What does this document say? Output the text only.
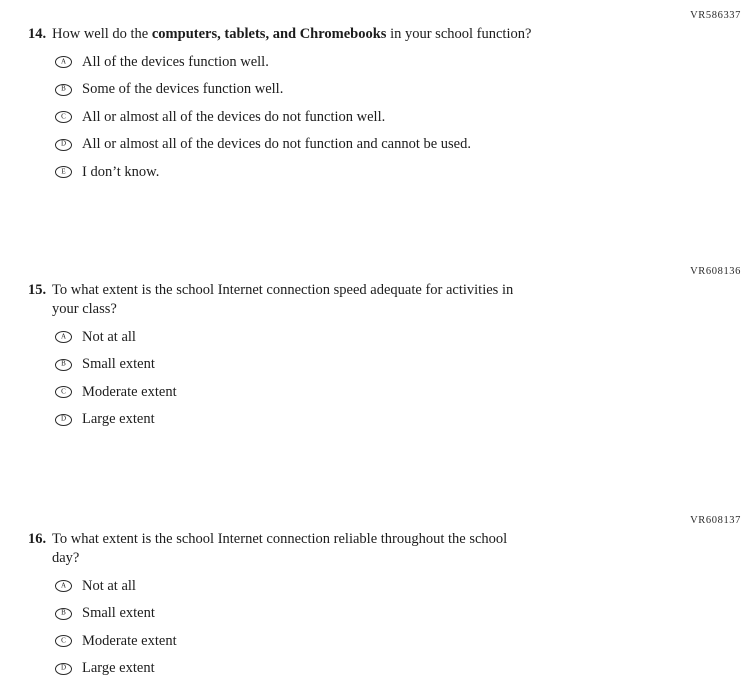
VR586337
14. How well do the computers, tablets, and Chromebooks in your school function?
A All of the devices function well.
B Some of the devices function well.
C All or almost all of the devices do not function well.
D All or almost all of the devices do not function and cannot be used.
E I don’t know.
VR608136
15. To what extent is the school Internet connection speed adequate for activities in
your class?
A Not at all
B Small extent
C Moderate extent
D Large extent
VR608137
16. To what extent is the school Internet connection reliable throughout the school
day?
A Not at all
B Small extent
C Moderate extent
D Large extent
